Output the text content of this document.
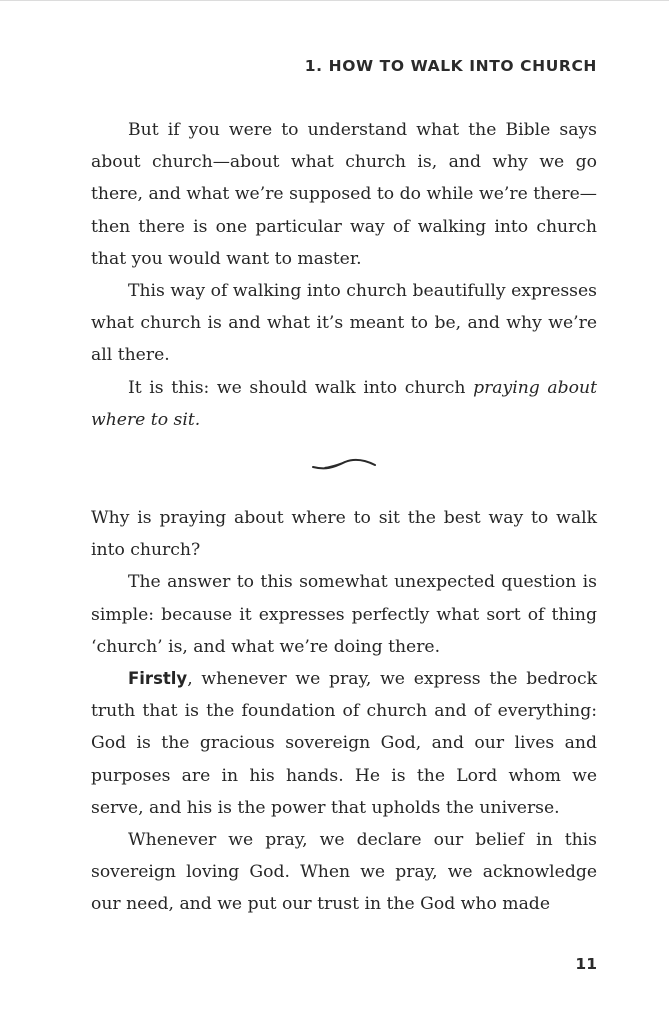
1. HOW TO WALK INTO CHURCH

But if you were to understand what the Bible says about church—about what church is, and why we go there, and what we’re supposed to do while we’re there—then there is one particular way of walking into church that you would want to master.

This way of walking into church beautifully expresses what church is and what it’s meant to be, and why we’re all there.

It is this: we should walk into church praying about where to sit.

Why is praying about where to sit the best way to walk into church?

The answer to this somewhat unexpected question is simple: because it expresses perfectly what sort of thing ‘church’ is, and what we’re doing there.

Firstly, whenever we pray, we express the bedrock truth that is the foundation of church and of everything: God is the gracious sovereign God, and our lives and purposes are in his hands. He is the Lord whom we serve, and his is the power that upholds the universe.

Whenever we pray, we declare our belief in this sovereign loving God. When we pray, we acknowledge our need, and we put our trust in the God who made

11
